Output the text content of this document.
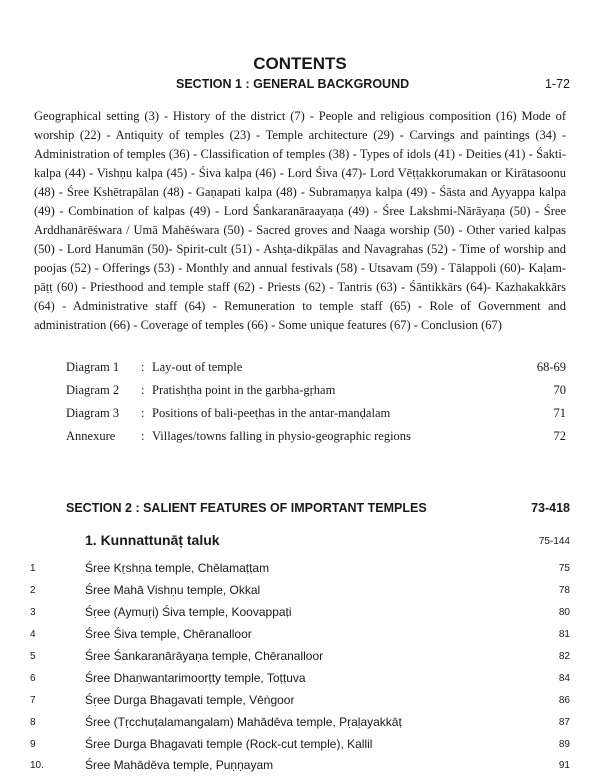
CONTENTS
SECTION 1 : GENERAL BACKGROUND	1-72
Geographical setting (3) - History of the district (7) - People and religious composition (16) Mode of worship (22) - Antiquity of temples (23) - Temple architecture (29) - Carvings and paintings (34) - Administration of temples (36) - Classification of temples (38) - Types of idols (41) - Deities (41) - Śakti-kalpa (44) - Vishṇu kalpa (45) - Śiva kalpa (46) - Lord Śiva (47)- Lord Vēṭṭakkorumakan or Kirātasoonu (48) - Śree Kshētrapālan (48) - Gaṇapati kalpa (48) - Subramaṇya kalpa (49) - Śāsta and Ayyappa kalpa (49) - Combination of kalpas (49) - Lord Śankaranāraayaṇa (49) - Śree Lakshmi-Nārāyaṇa (50) - Śree Arddhanārēśwara / Umā Mahēśwara (50) - Sacred groves and Naaga worship (50) - Other varied kalpas (50) - Lord Hanumān (50)- Spirit-cult (51) - Ashṭa-dikpālas and Navagrahas (52) - Time of worship and poojas (52) - Offerings (53) - Monthly and annual festivals (58) - Utsavam (59) - Tālappoli (60)- Kaḷam-pāṭṭ (60) - Priesthood and temple staff (62) - Priests (62) - Tantris (63) - Śāntikkārs (64)- Kazhakakkārs (64) - Administrative staff (64) - Remuneration to temple staff (65) - Role of Government and administration (66) - Coverage of temples (66) - Some unique features (67) - Conclusion (67)
Diagram 1 : Lay-out of temple	68-69
Diagram 2 : Pratishṭha point in the garbha-gṛham	70
Diagram 3 : Positions of bali-peeṭhas in the antar-manḍalam	71
Annexure : Villages/towns falling in physio-geographic regions	72
SECTION 2 : SALIENT FEATURES OF IMPORTANT TEMPLES	73-418
1. Kunnattunāṭ taluk	75-144
1	Śree Kṛshṇa temple, Chēlamaṭṭam	75
2	Śree Mahā Vishṇu temple, Okkal	78
3	Śṛee (Aymuṛi) Śiva temple, Koovappaṭi	80
4	Śree Śiva temple, Chēranalloor	81
5	Śree Śankaranārāyaṇa temple, Chēranalloor	82
6	Śree Dhaṇwantarimoorṭty temple, Toṭṭuva	84
7	Śṛee Durga Bhagavati temple, Vēṅgoor	86
8	Śree (Tṛcchuṭalamangalam) Mahādēva temple, Pṛaḷayakkāṭ	87
9	Śree Durga Bhagavati temple (Rock-cut temple), Kallil	89
10.	Śree Mahādēva temple, Puṇṇayam	91
